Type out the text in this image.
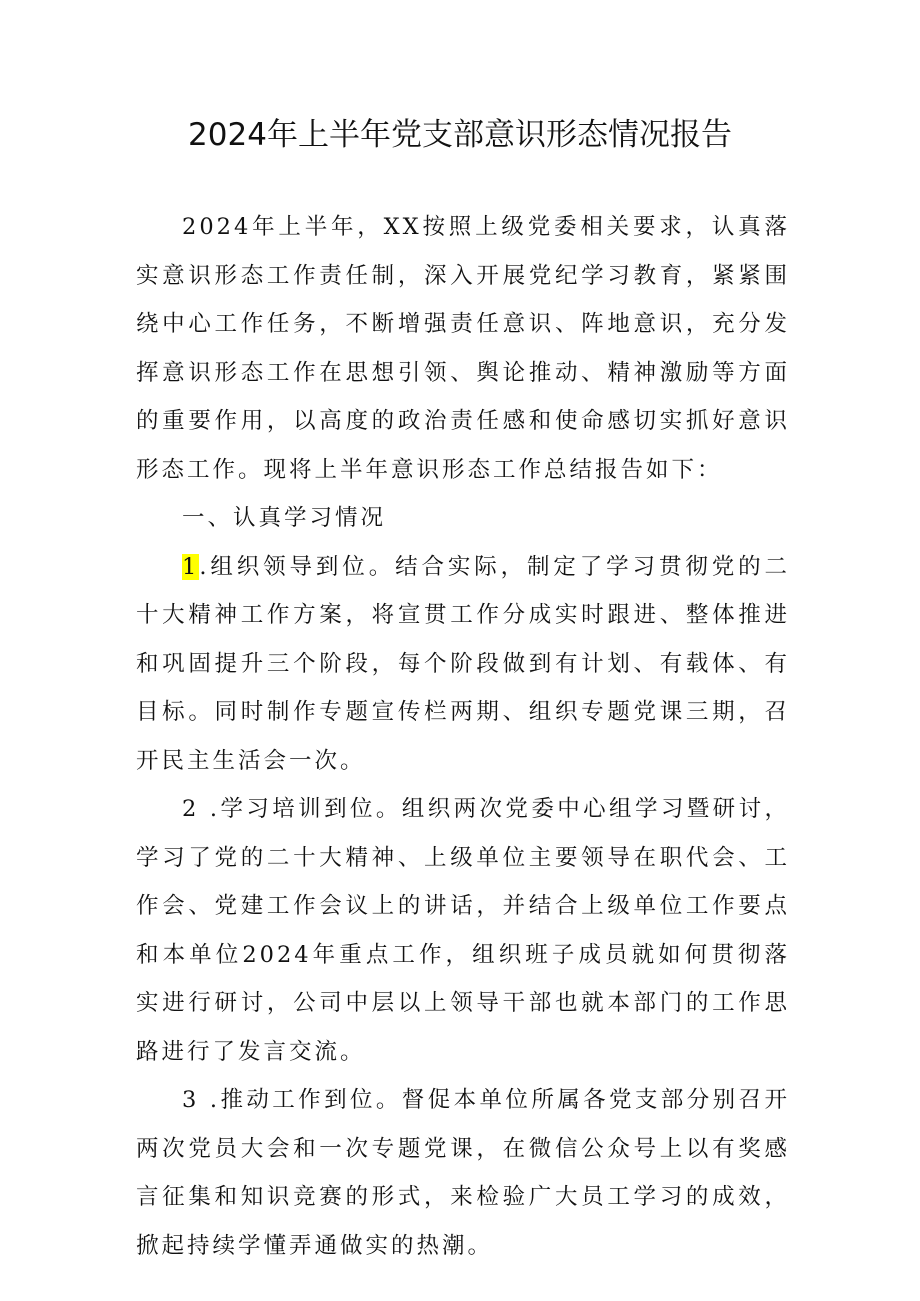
2024年上半年党支部意识形态情况报告

2024年上半年，XX按照上级党委相关要求，认真落实意识形态工作责任制，深入开展党纪学习教育，紧紧围绕中心工作任务，不断增强责任意识、阵地意识，充分发挥意识形态工作在思想引领、舆论推动、精神激励等方面的重要作用，以高度的政治责任感和使命感切实抓好意识形态工作。现将上半年意识形态工作总结报告如下：

一、认真学习情况

1.组织领导到位。结合实际，制定了学习贯彻党的二十大精神工作方案，将宣贯工作分成实时跟进、整体推进和巩固提升三个阶段，每个阶段做到有计划、有载体、有目标。同时制作专题宣传栏两期、组织专题党课三期，召开民主生活会一次。

2 .学习培训到位。组织两次党委中心组学习暨研讨，学习了党的二十大精神、上级单位主要领导在职代会、工作会、党建工作会议上的讲话，并结合上级单位工作要点和本单位2024年重点工作，组织班子成员就如何贯彻落实进行研讨，公司中层以上领导干部也就本部门的工作思路进行了发言交流。

3 .推动工作到位。督促本单位所属各党支部分别召开两次党员大会和一次专题党课，在微信公众号上以有奖感言征集和知识竞赛的形式，来检验广大员工学习的成效，掀起持续学懂弄通做实的热潮。
